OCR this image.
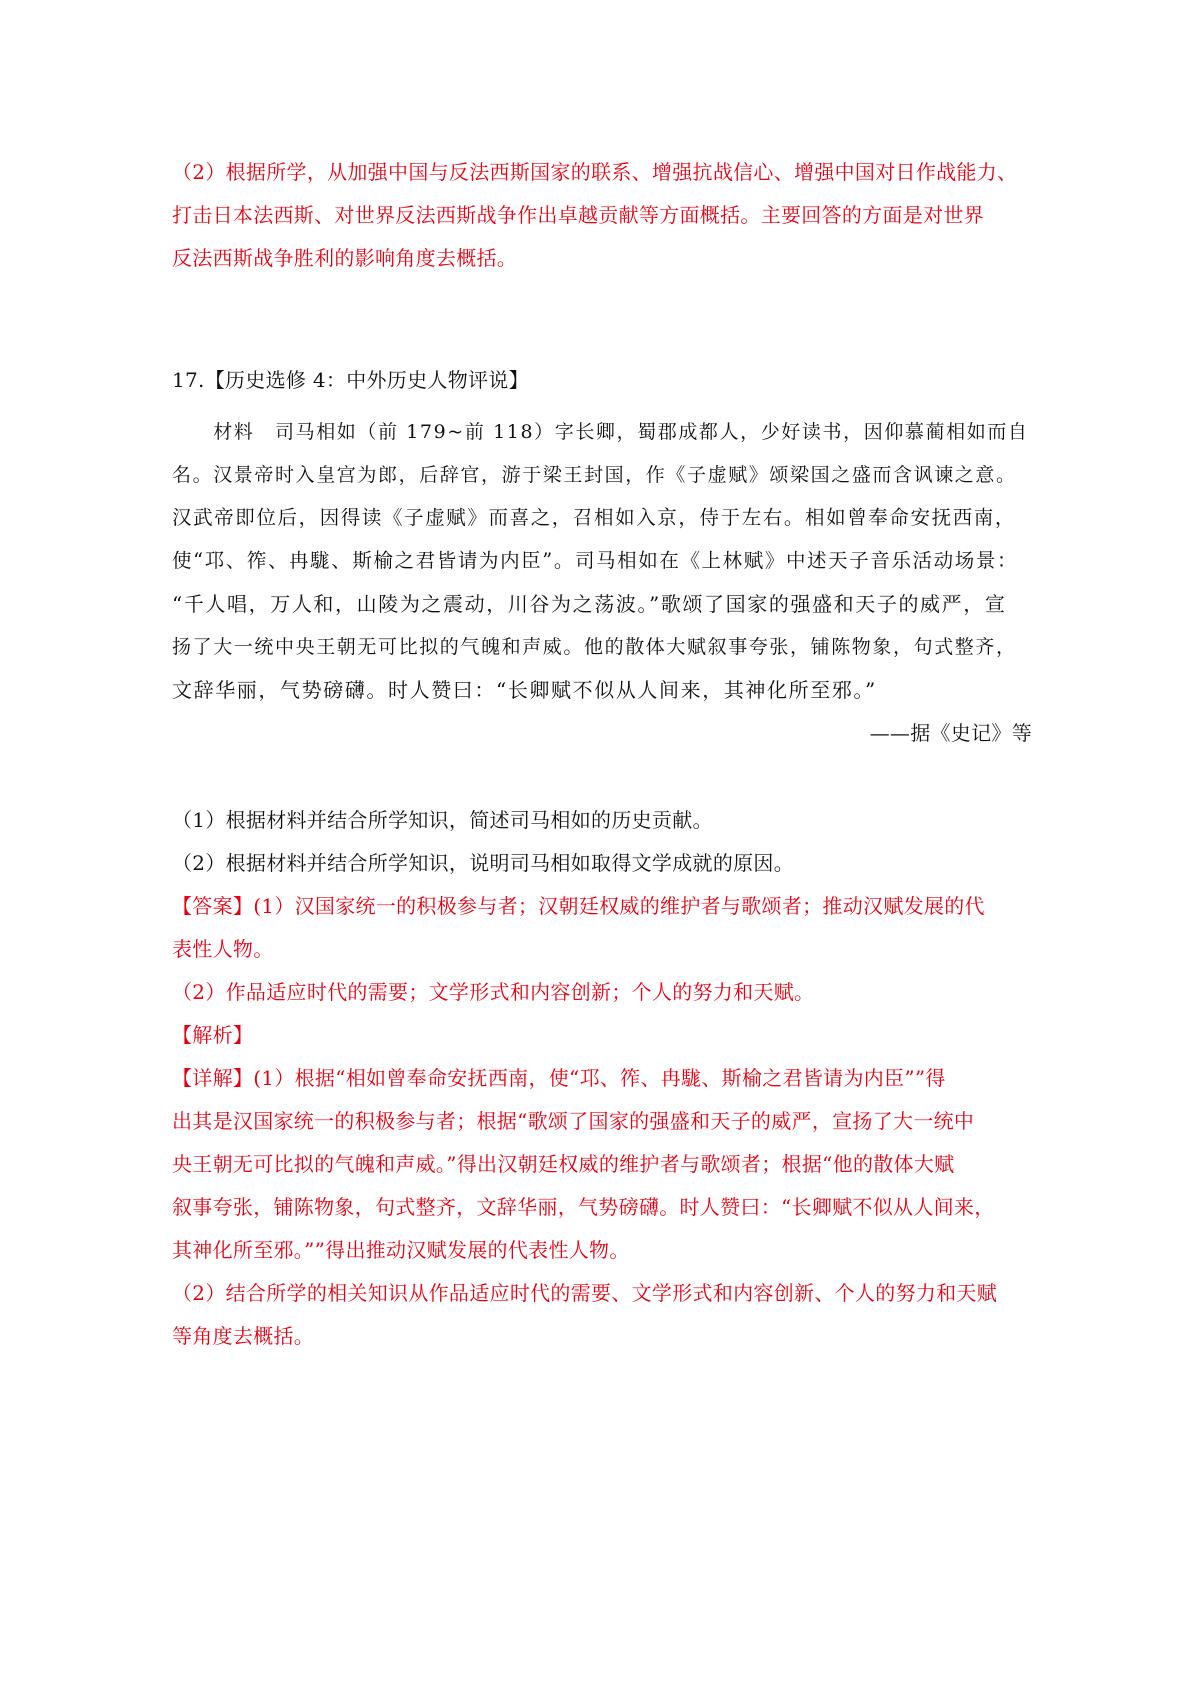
（2）根据所学，从加强中国与反法西斯国家的联系、增强抗战信心、增强中国对日作战能力、
打击日本法西斯、对世界反法西斯战争作出卓越贡献等方面概括。主要回答的方面是对世界
反法西斯战争胜利的影响角度去概括。
17.【历史选修 4：中外历史人物评说】
　　材料　司马相如（前 179~前 118）字长卿，蜀郡成都人，少好读书，因仰慕蔺相如而自
名。汉景帝时入皇宫为郎，后辞官，游于梁王封国，作《子虚赋》颂梁国之盛而含讽谏之意。
汉武帝即位后，因得读《子虚赋》而喜之，召相如入京，侍于左右。相如曾奉命安抚西南，
使“邛、筰、冉駹、斯榆之君皆请为内臣”。司马相如在《上林赋》中述天子音乐活动场景：
“千人唱，万人和，山陵为之震动，川谷为之荡波。”歌颂了国家的强盛和天子的威严，宣
扬了大一统中央王朝无可比拟的气魄和声威。他的散体大赋叙事夸张，铺陈物象，句式整齐，
文辞华丽，气势磅礴。时人赞曰：“长卿赋不似从人间来，其神化所至邪。”
——据《史记》等
（1）根据材料并结合所学知识，简述司马相如的历史贡献。
（2）根据材料并结合所学知识，说明司马相如取得文学成就的原因。
【答案】(1）汉国家统一的积极参与者；汉朝廷权威的维护者与歌颂者；推动汉赋发展的代
表性人物。
（2）作品适应时代的需要；文学形式和内容创新；个人的努力和天赋。
【解析】
【详解】(1）根据“相如曾奉命安抚西南，使“邛、筰、冉駹、斯榆之君皆请为内臣””得
出其是汉国家统一的积极参与者；根据“歌颂了国家的强盛和天子的威严，宣扬了大一统中
央王朝无可比拟的气魄和声威。”得出汉朝廷权威的维护者与歌颂者；根据“他的散体大赋
叙事夸张，铺陈物象，句式整齐，文辞华丽，气势磅礴。时人赞曰：“长卿赋不似从人间来，
其神化所至邪。””得出推动汉赋发展的代表性人物。
（2）结合所学的相关知识从作品适应时代的需要、文学形式和内容创新、个人的努力和天赋
等角度去概括。
